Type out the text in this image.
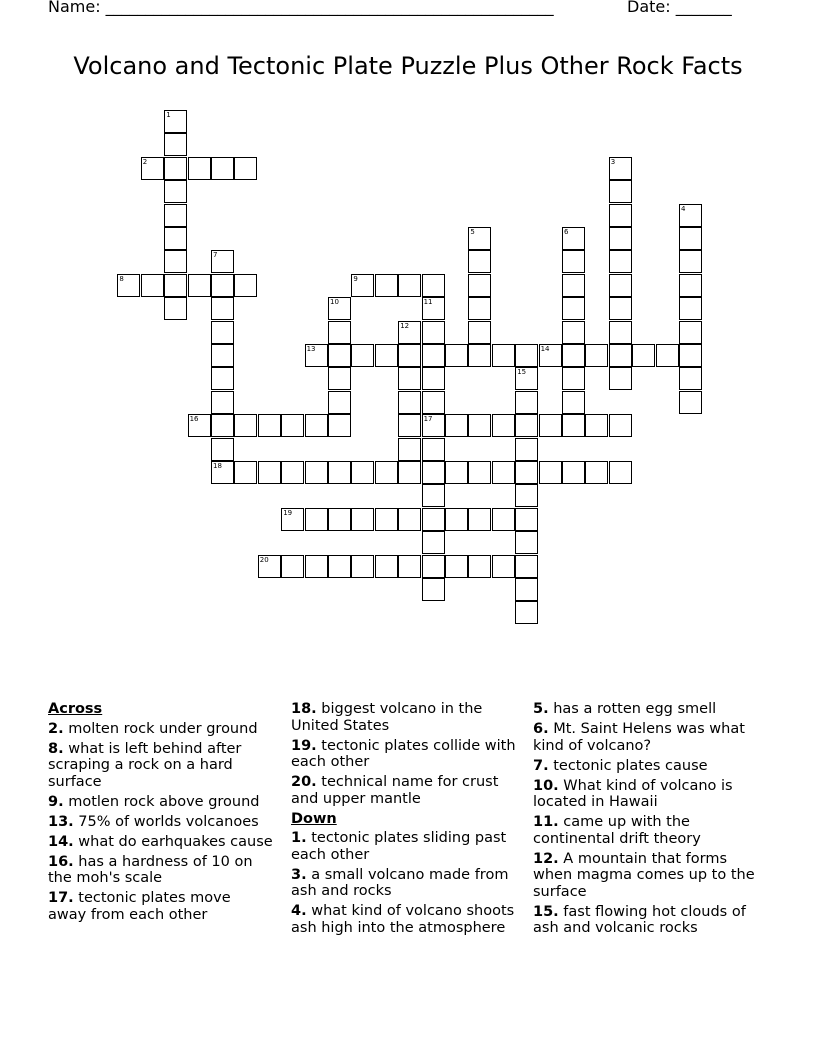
Name: ________________________________________________________	Date: _______
Volcano and Tectonic Plate Puzzle Plus Other Rock Facts
1
2	3
4
5	6
7
8	9
10	11
17
12
13	14
15
16
18
19
20
Across
2. molten rock under ground
8. what is left behind after scraping a rock on a hard surface
9. motlen rock above ground
13. 75% of worlds volcanoes
14. what do earhquakes cause
16. has a hardness of 10 on the moh's scale
17. tectonic plates move away from each other
18. biggest volcano in the United States
19. tectonic plates collide with each other
20. technical name for crust and upper mantle
Down
1. tectonic plates sliding past each other
3. a small volcano made from ash and rocks
4. what kind of volcano shoots ash high into the atmosphere
5. has a rotten egg smell
6. Mt. Saint Helens was what kind of volcano?
7. tectonic plates cause
10. What kind of volcano is located in Hawaii
11. came up with the continental drift theory
12. A mountain that forms when magma comes up to the surface
15. fast flowing hot clouds of ash and volcanic rocks
